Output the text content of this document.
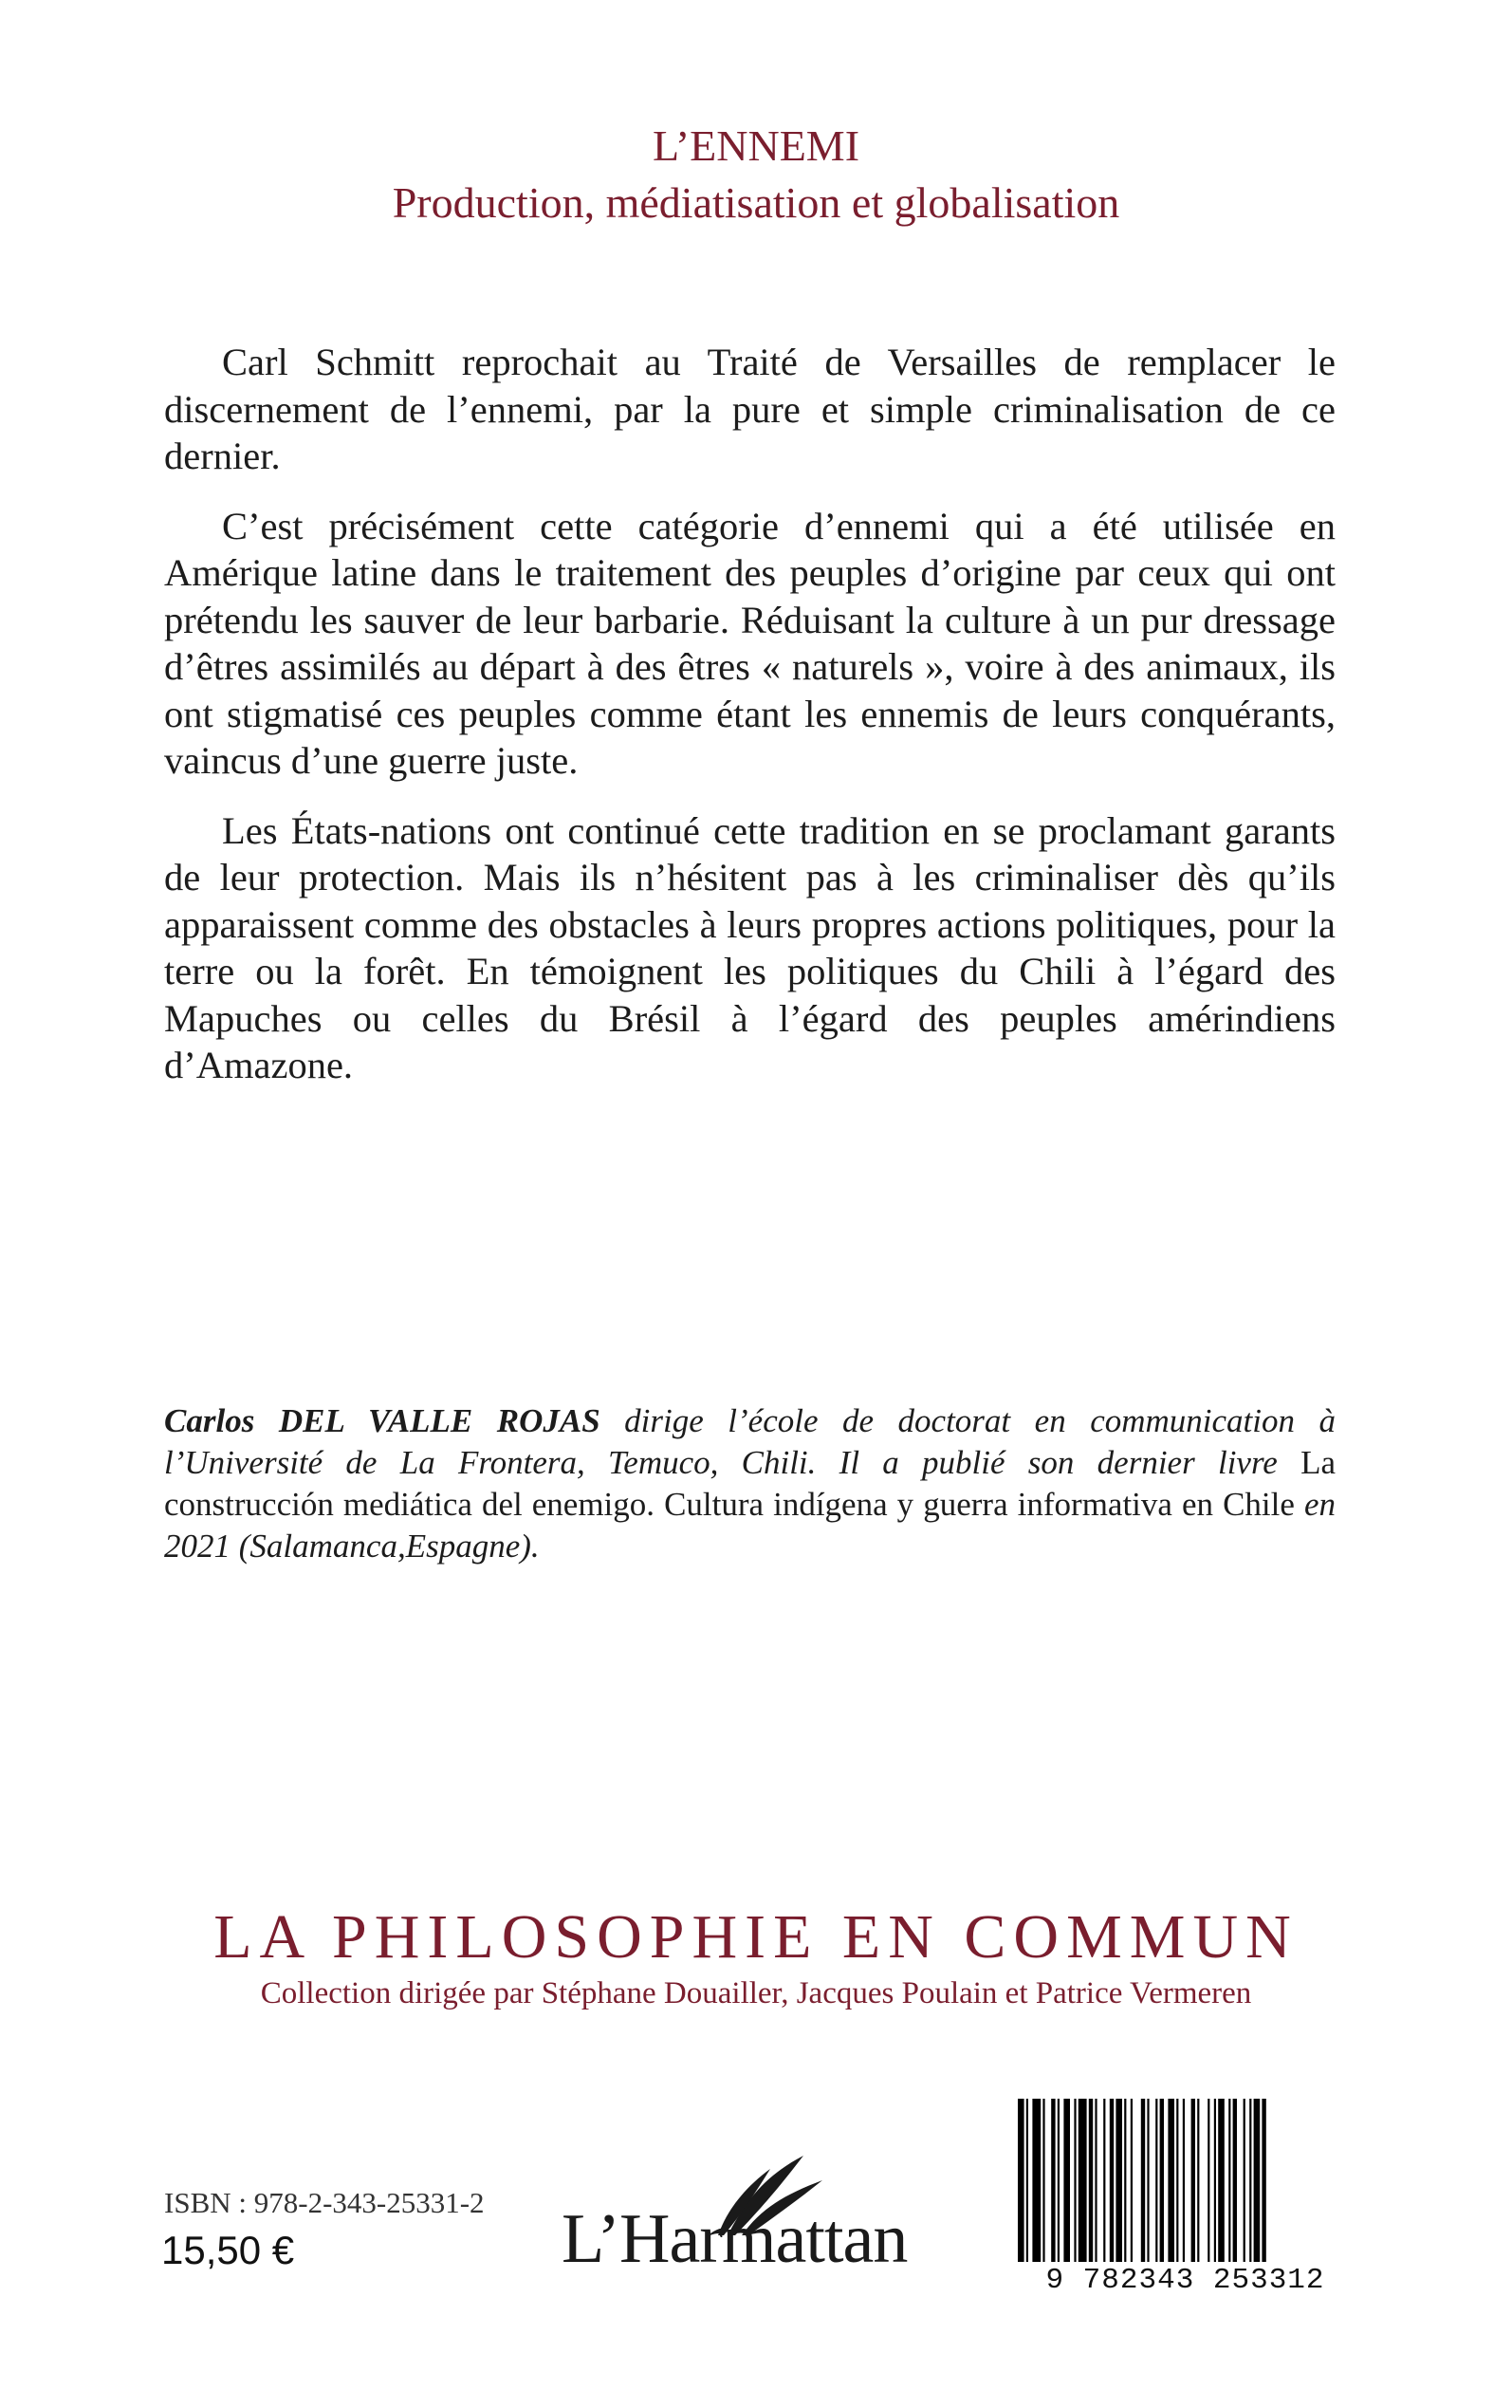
L’ENNEMI
Production, médiatisation et globalisation

Carl Schmitt reprochait au Traité de Versailles de remplacer le discernement de l’ennemi, par la pure et simple criminalisation de ce dernier.

C’est précisément cette catégorie d’ennemi qui a été utilisée en Amérique latine dans le traitement des peuples d’origine par ceux qui ont prétendu les sauver de leur barbarie. Réduisant la culture à un pur dressage d’êtres assimilés au départ à des êtres « naturels », voire à des animaux, ils ont stigmatisé ces peuples comme étant les ennemis de leurs conquérants, vaincus d’une guerre juste.

Les États-nations ont continué cette tradition en se proclamant garants de leur protection. Mais ils n’hésitent pas à les criminaliser dès qu’ils apparaissent comme des obstacles à leurs propres actions politiques, pour la terre ou la forêt. En témoignent les politiques du Chili à l’égard des Mapuches ou celles du Brésil à l’égard des peuples amérindiens d’Amazone.

Carlos DEL VALLE ROJAS dirige l’école de doctorat en communication à l’Université de La Frontera, Temuco, Chili. Il a publié son dernier livre La construcción mediática del enemigo. Cultura indígena y guerra informativa en Chile en 2021 (Salamanca,Espagne).
LA PHILOSOPHIE EN COMMUN
Collection dirigée par Stéphane Douailler, Jacques Poulain et Patrice Vermeren
ISBN : 978-2-343-25331-2
15,50 €	L’Harmattan
9 782343 253312
